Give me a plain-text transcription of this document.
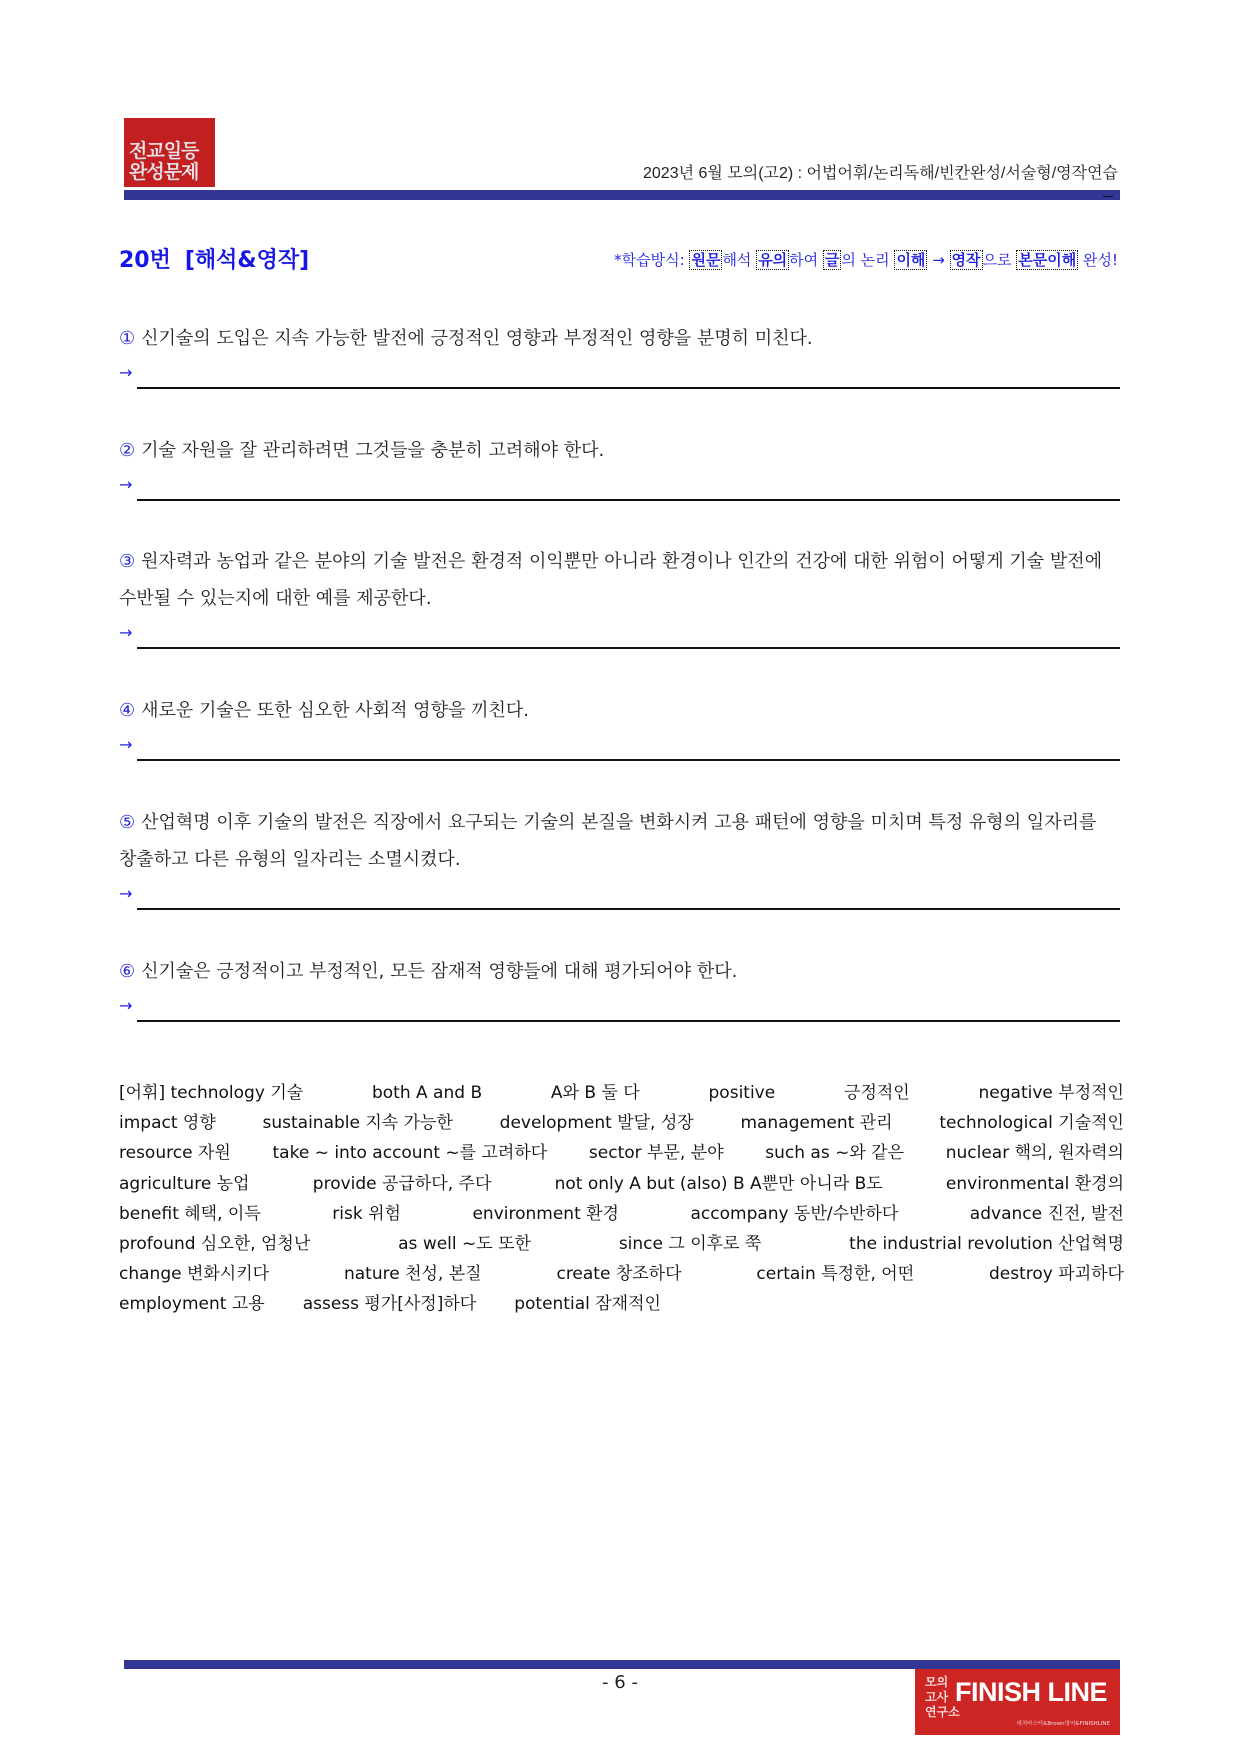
전교일등
완성문제	2023년 6월 모의(고2) : 어법어휘/논리독해/빈칸완성/서술형/영작연습
20번 [해석&영작]	*학습방식: 원문 해석 유의 하여 글 의 논리 이해 → 영작 으로 본문이해 완성!
① 신기술의 도입은 지속 가능한 발전에 긍정적인 영향과 부정적인 영향을 분명히 미친다.
→
② 기술 자원을 잘 관리하려면 그것들을 충분히 고려해야 한다.
→
③ 원자력과 농업과 같은 분야의 기술 발전은 환경적 이익뿐만 아니라 환경이나 인간의 건강에 대한 위험이 어떻게 기술 발전에 수반될 수 있는지에 대한 예를 제공한다.
→
④ 새로운 기술은 또한 심오한 사회적 영향을 끼친다.
→
⑤ 산업혁명 이후 기술의 발전은 직장에서 요구되는 기술의 본질을 변화시켜 고용 패턴에 영향을 미치며 특정 유형의 일자리를 창출하고 다른 유형의 일자리는 소멸시켰다.
→
⑥ 신기술은 긍정적이고 부정적인, 모든 잠재적 영향들에 대해 평가되어야 한다.
→
[어휘] technology 기술	both A and B	A와 B 둘 다	positive	긍정적인	negative 부정적인
impact 영향	sustainable 지속 가능한	development 발달, 성장	management 관리	technological 기술적인
resource 자원 take ~ into account ~를 고려하다 sector 부문, 분야 such as ~와 같은 nuclear 핵의, 원자력의
agriculture 농업	provide 공급하다, 주다	not only A but (also) B A뿐만 아니라 B도	environmental 환경의
benefit 혜택, 이득	risk 위험	environment 환경	accompany 동반/수반하다	advance 진전, 발전
profound 심오한, 엄청난	as well ~도 또한	since 그 이후로 쭉	the industrial revolution 산업혁명
change 변화시키다	nature 천성, 본질	create 창조하다	certain 특정한, 어떤	destroy 파괴하다
employment 고용 assess 평가[사정]하다 potential 잠재적인
- 6 -	모의
고사
연구소
FINISH LINE
대치마스터&Brown영어&FINISHLINE
